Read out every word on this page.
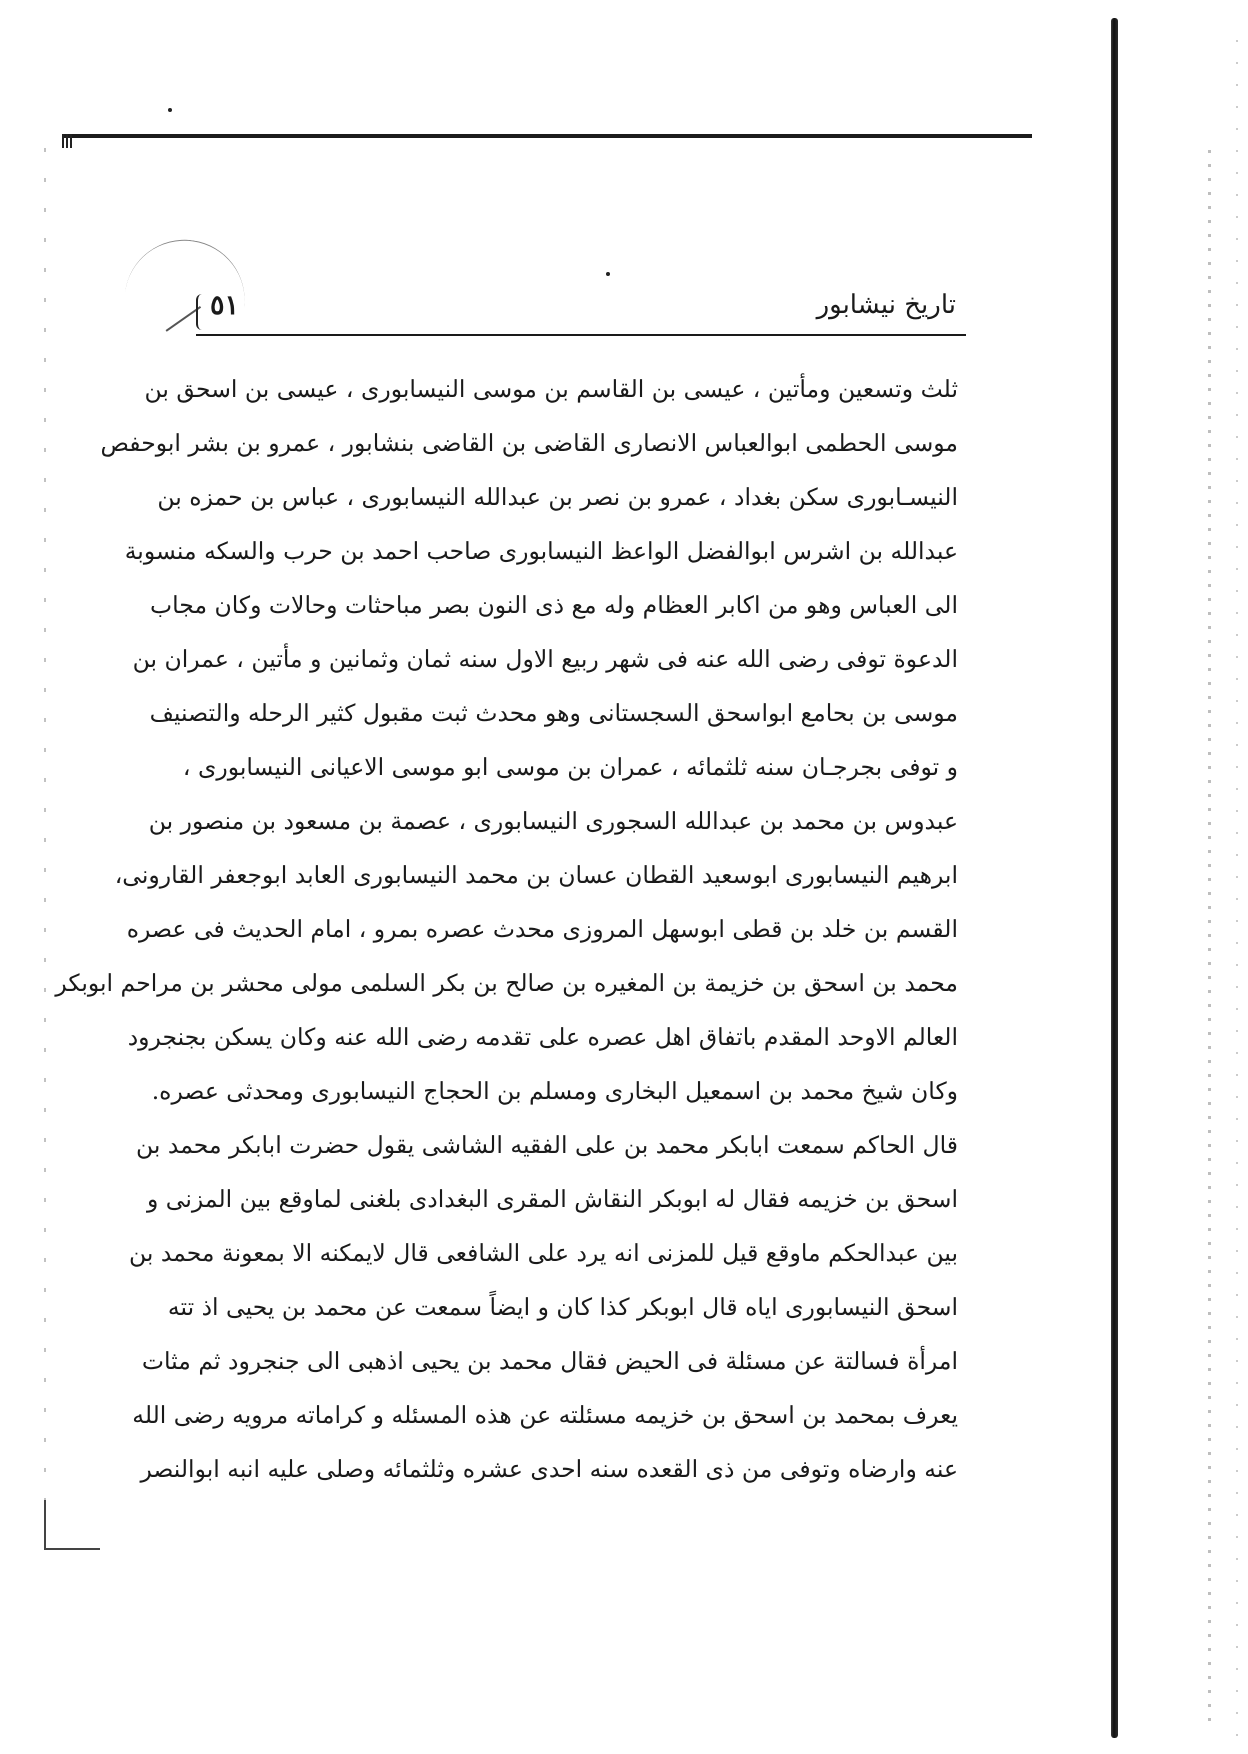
٥١	تاریخ نیشابور
ثلث وتسعین ومأتین ، عیسی بن القاسم بن موسی النیسابوری ، عیسی بن اسحق بن
موسی الحطمی ابوالعباس الانصاری القاضی بن القاضی بنشابور ، عمرو بن بشر ابوحفص
النیسـابوری سکن بغداد ، عمرو بن نصر بن عبدالله النیسابوری ، عباس بن حمزه بن
عبدالله بن اشرس ابوالفضل الواعظ النیسابوری صاحب احمد بن حرب والسکه منسوبة
الی العباس وهو من اکابر العظام وله مع ذی النون بصر مباحثات وحالات وکان مجاب
الدعوة توفی رضی الله عنه فی شهر ربیع الاول سنه ثمان وثمانین و مأتین ، عمران بن
موسی بن بحامع ابواسحق السجستانی وهو محدث ثبت مقبول کثیر الرحله والتصنیف
و توفی بجرجـان سنه ثلثمائه ، عمران بن موسی ابو موسی الاعیانی النیسابوری ،
عبدوس بن محمد بن عبدالله السجوری النیسابوری ، عصمة بن مسعود بن منصور بن
ابرهیم النیسابوری ابوسعید القطان عسان بن محمد النیسابوری العابد ابوجعفر القارونی،
القسم بن خلد بن قطی ابوسهل المروزی محدث عصره بمرو ، امام الحدیث فی عصره
محمد بن اسحق بن خزیمة بن المغیره بن صالح بن بکر السلمی مولی محشر بن مراحم ابوبکر
العالم الاوحد المقدم باتفاق اهل عصره علی تقدمه رضی الله عنه وکان یسکن بجنجرود
وکان شیخ محمد بن اسمعیل البخاری ومسلم بن الحجاج النیسابوری ومحدثی عصره.
قال الحاکم سمعت ابابکر محمد بن علی الفقیه الشاشی یقول حضرت ابابکر محمد بن
اسحق بن خزیمه فقال له ابوبکر النقاش المقری البغدادی بلغنی لماوقع بین المزنی و
بین عبدالحکم ماوقع قیل للمزنی انه یرد علی الشافعی قال لایمکنه الا بمعونة محمد بن
اسحق النیسابوری اياه قال ابوبکر کذا کان و ایضاً سمعت عن محمد بن یحیی اذ تته
امرأة فسالتة عن مسئلة فی الحیض فقال محمد بن یحیی اذهبی الی جنجرود ثم مثات
یعرف بمحمد بن اسحق بن خزیمه مسئلته عن هذه المسئله و کراماته مرویه رضی الله
عنه وارضاه وتوفی من ذی القعده سنه احدی عشره وثلثمائه وصلی علیه انبه ابوالنصر
